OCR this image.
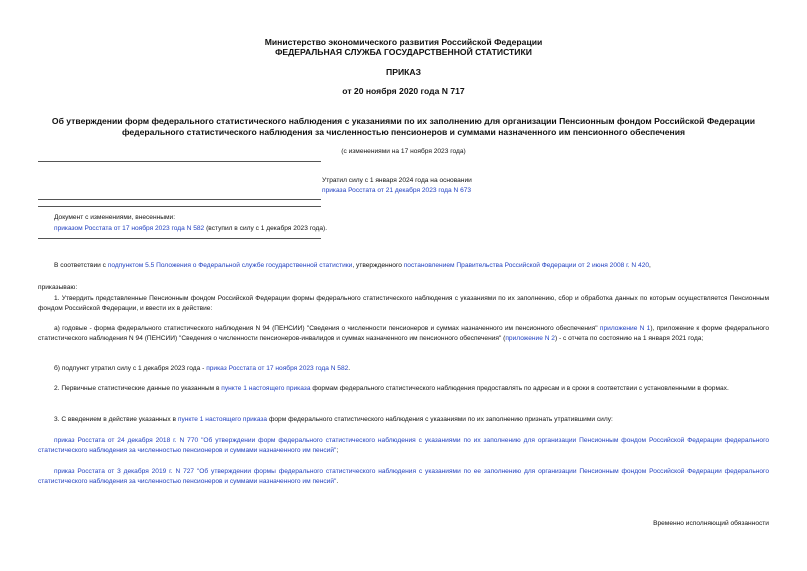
Министерство экономического развития Российской Федерации
ФЕДЕРАЛЬНАЯ СЛУЖБА ГОСУДАРСТВЕННОЙ СТАТИСТИКИ
ПРИКАЗ
от 20 ноября 2020 года N 717
Об утверждении форм федерального статистического наблюдения с указаниями по их заполнению для организации Пенсионным фондом Российской Федерации
федерального статистического наблюдения за численностью пенсионеров и суммами назначенного им пенсионного обеспечения
(с изменениями на 17 ноября 2023 года)
Утратил силу с 1 января 2024 года на основании
приказа Росстата от 21 декабря 2023 года N 673
Документ с изменениями, внесенными:
приказом Росстата от 17 ноября 2023 года N 582 (вступил в силу с 1 декабря 2023 года).
В соответствии с подпунктом 5.5 Положения о Федеральной службе государственной статистики, утвержденного постановлением Правительства Российской Федерации от 2 июня 2008 г. N 420,
приказываю:
1. Утвердить представленные Пенсионным фондом Российской Федерации формы федерального статистического наблюдения с указаниями по их заполнению, сбор и обработка данных по которым осуществляется Пенсионным фондом Российской Федерации, и ввести их в действие:
а) годовые - форма федерального статистического наблюдения N 94 (ПЕНСИИ) "Сведения о численности пенсионеров и суммах назначенного им пенсионного обеспечения" приложение N 1), приложение к форме федерального статистического наблюдения N 94 (ПЕНСИИ) "Сведения о численности пенсионеров-инвалидов и суммах назначенного им пенсионного обеспечения" (приложение N 2) - с отчета по состоянию на 1 января 2021 года;
б) подпункт утратил силу с 1 декабря 2023 года - приказ Росстата от 17 ноября 2023 года N 582.
2. Первичные статистические данные по указанным в пункте 1 настоящего приказа формам федерального статистического наблюдения предоставлять по адресам и в сроки в соответствии с установленными в формах.
3. С введением в действие указанных в пункте 1 настоящего приказа форм федерального статистического наблюдения с указаниями по их заполнению признать утратившими силу:
приказ Росстата от 24 декабря 2018 г. N 770 "Об утверждении форм федерального статистического наблюдения с указаниями по их заполнению для организации Пенсионным фондом Российской Федерации федерального статистического наблюдения за численностью пенсионеров и суммами назначенного им пенсий";
приказ Росстата от 3 декабря 2019 г. N 727 "Об утверждении формы федерального статистического наблюдения с указаниями по ее заполнению для организации Пенсионным фондом Российской Федерации федерального статистического наблюдения за численностью пенсионеров и суммами назначенного им пенсий".
Временно исполняющий обязанности
